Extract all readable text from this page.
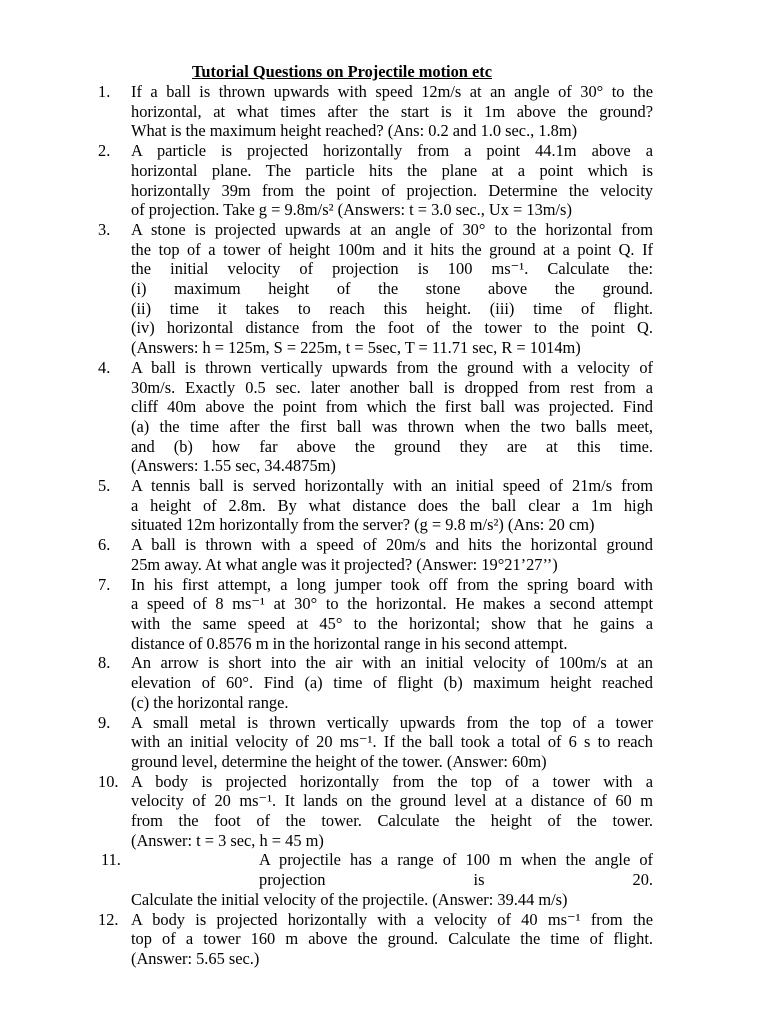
Tutorial Questions on Projectile motion etc
1. If a ball is thrown upwards with speed 12m/s at an angle of 30° to the
horizontal, at what times after the start is it 1m above the ground?
What is the maximum height reached? (Ans: 0.2 and 1.0 sec., 1.8m)
2. A particle is projected horizontally from a point 44.1m above a
horizontal plane. The particle hits the plane at a point which is
horizontally 39m from the point of projection. Determine the velocity
of projection. Take g = 9.8m/s² (Answers: t = 3.0 sec., Ux = 13m/s)
3. A stone is projected upwards at an angle of 30° to the horizontal from
the top of a tower of height 100m and it hits the ground at a point Q. If
the initial velocity of projection is 100 ms⁻¹. Calculate the:
(i) maximum height of the stone above the ground.
(ii) time it takes to reach this height. (iii) time of flight.
(iv) horizontal distance from the foot of the tower to the point Q.
(Answers: h = 125m, S = 225m, t = 5sec, T = 11.71 sec, R = 1014m)
4. A ball is thrown vertically upwards from the ground with a velocity of
30m/s. Exactly 0.5 sec. later another ball is dropped from rest from a
cliff 40m above the point from which the first ball was projected. Find
(a) the time after the first ball was thrown when the two balls meet,
and (b) how far above the ground they are at this time.
(Answers: 1.55 sec, 34.4875m)
5. A tennis ball is served horizontally with an initial speed of 21m/s from
a height of 2.8m. By what distance does the ball clear a 1m high
situated 12m horizontally from the server? (g = 9.8 m/s²) (Ans: 20 cm)
6. A ball is thrown with a speed of 20m/s and hits the horizontal ground
25m away. At what angle was it projected? (Answer: 19°21’27’’)
7. In his first attempt, a long jumper took off from the spring board with
a speed of 8 ms⁻¹ at 30° to the horizontal. He makes a second attempt
with the same speed at 45° to the horizontal; show that he gains a
distance of 0.8576 m in the horizontal range in his second attempt.
8. An arrow is short into the air with an initial velocity of 100m/s at an
elevation of 60°. Find (a) time of flight (b) maximum height reached
(c) the horizontal range.
9. A small metal is thrown vertically upwards from the top of a tower
with an initial velocity of 20 ms⁻¹. If the ball took a total of 6 s to reach
ground level, determine the height of the tower. (Answer: 60m)
10. A body is projected horizontally from the top of a tower with a
velocity of 20 ms⁻¹. It lands on the ground level at a distance of 60 m
from the foot of the tower. Calculate the height of the tower.
(Answer: t = 3 sec, h = 45 m)
11.	A projectile has a range of 100 m when the angle of projection is 20.
Calculate the initial velocity of the projectile. (Answer: 39.44 m/s)
12. A body is projected horizontally with a velocity of 40 ms⁻¹ from the
top of a tower 160 m above the ground. Calculate the time of flight.
(Answer: 5.65 sec.)
